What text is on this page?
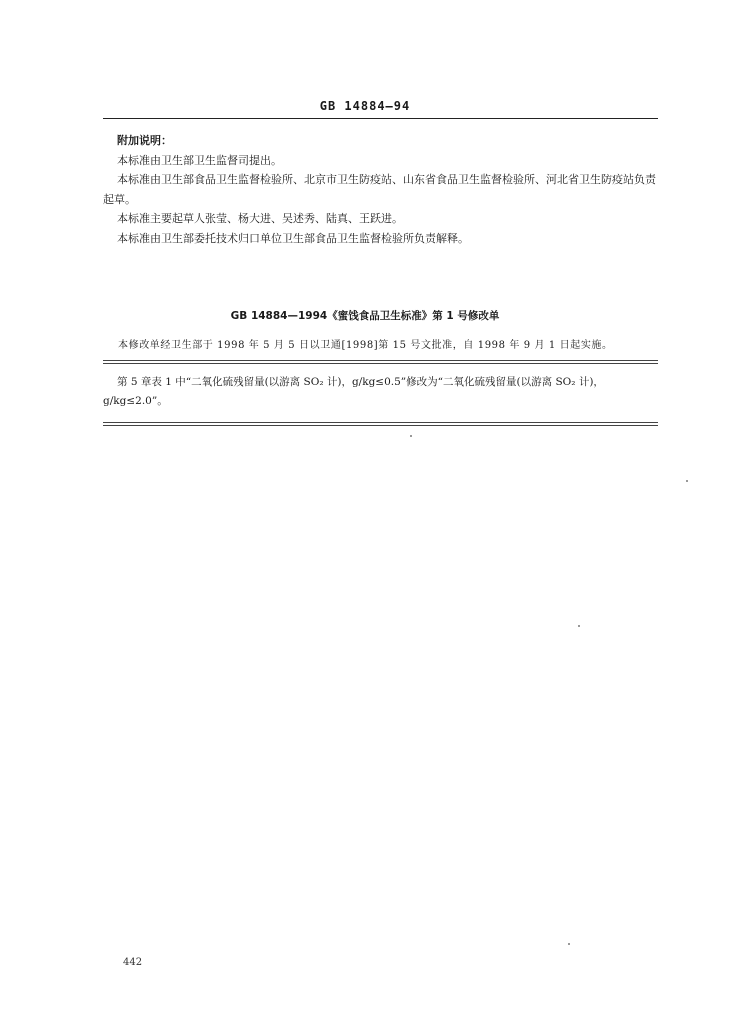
GB 14884—94
附加说明：
本标准由卫生部卫生监督司提出。
本标准由卫生部食品卫生监督检验所、北京市卫生防疫站、山东省食品卫生监督检验所、河北省卫生防疫站负责起草。
本标准主要起草人张莹、杨大进、吴述秀、陆真、王跃进。
本标准由卫生部委托技术归口单位卫生部食品卫生监督检验所负责解释。
GB 14884—1994《蜜饯食品卫生标准》第 1 号修改单
本修改单经卫生部于 1998 年 5 月 5 日以卫通[1998]第 15 号文批准，自 1998 年 9 月 1 日起实施。
第 5 章表 1 中“二氧化硫残留量(以游离 SO₂ 计)，g/kg≤0.5”修改为“二氧化硫残留量(以游离 SO₂ 计)，g/kg≤2.0”。
442
